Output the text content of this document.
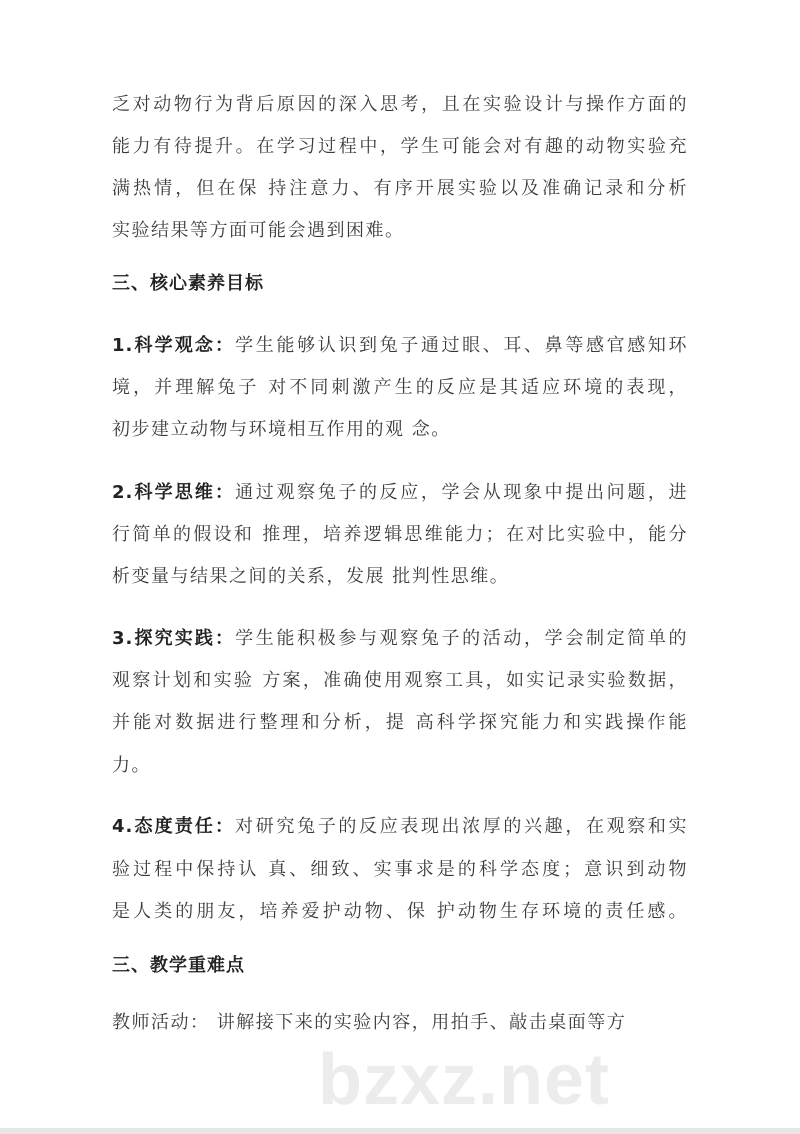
乏对动物行为背后原因的深入思考，且在实验设计与操作方面的
能力有待提升。在学习过程中，学生可能会对有趣的动物实验充
满热情，但在保 持注意力、有序开展实验以及准确记录和分析
实验结果等方面可能会遇到困难。
三、核心素养目标
1.科学观念：学生能够认识到兔子通过眼、耳、鼻等感官感知环
境，并理解兔子 对不同刺激产生的反应是其适应环境的表现，
初步建立动物与环境相互作用的观 念。
2.科学思维：通过观察兔子的反应，学会从现象中提出问题，进
行简单的假设和 推理，培养逻辑思维能力；在对比实验中，能分
析变量与结果之间的关系，发展 批判性思维。
3.探究实践：学生能积极参与观察兔子的活动，学会制定简单的
观察计划和实验 方案，准确使用观察工具，如实记录实验数据，
并能对数据进行整理和分析，提 高科学探究能力和实践操作能
力。
4.态度责任：对研究兔子的反应表现出浓厚的兴趣，在观察和实
验过程中保持认 真、细致、实事求是的科学态度；意识到动物
是人类的朋友，培养爱护动物、保 护动物生存环境的责任感。
三、教学重难点
教师活动： 讲解接下来的实验内容，用拍手、敲击桌面等方
bzxz.net
